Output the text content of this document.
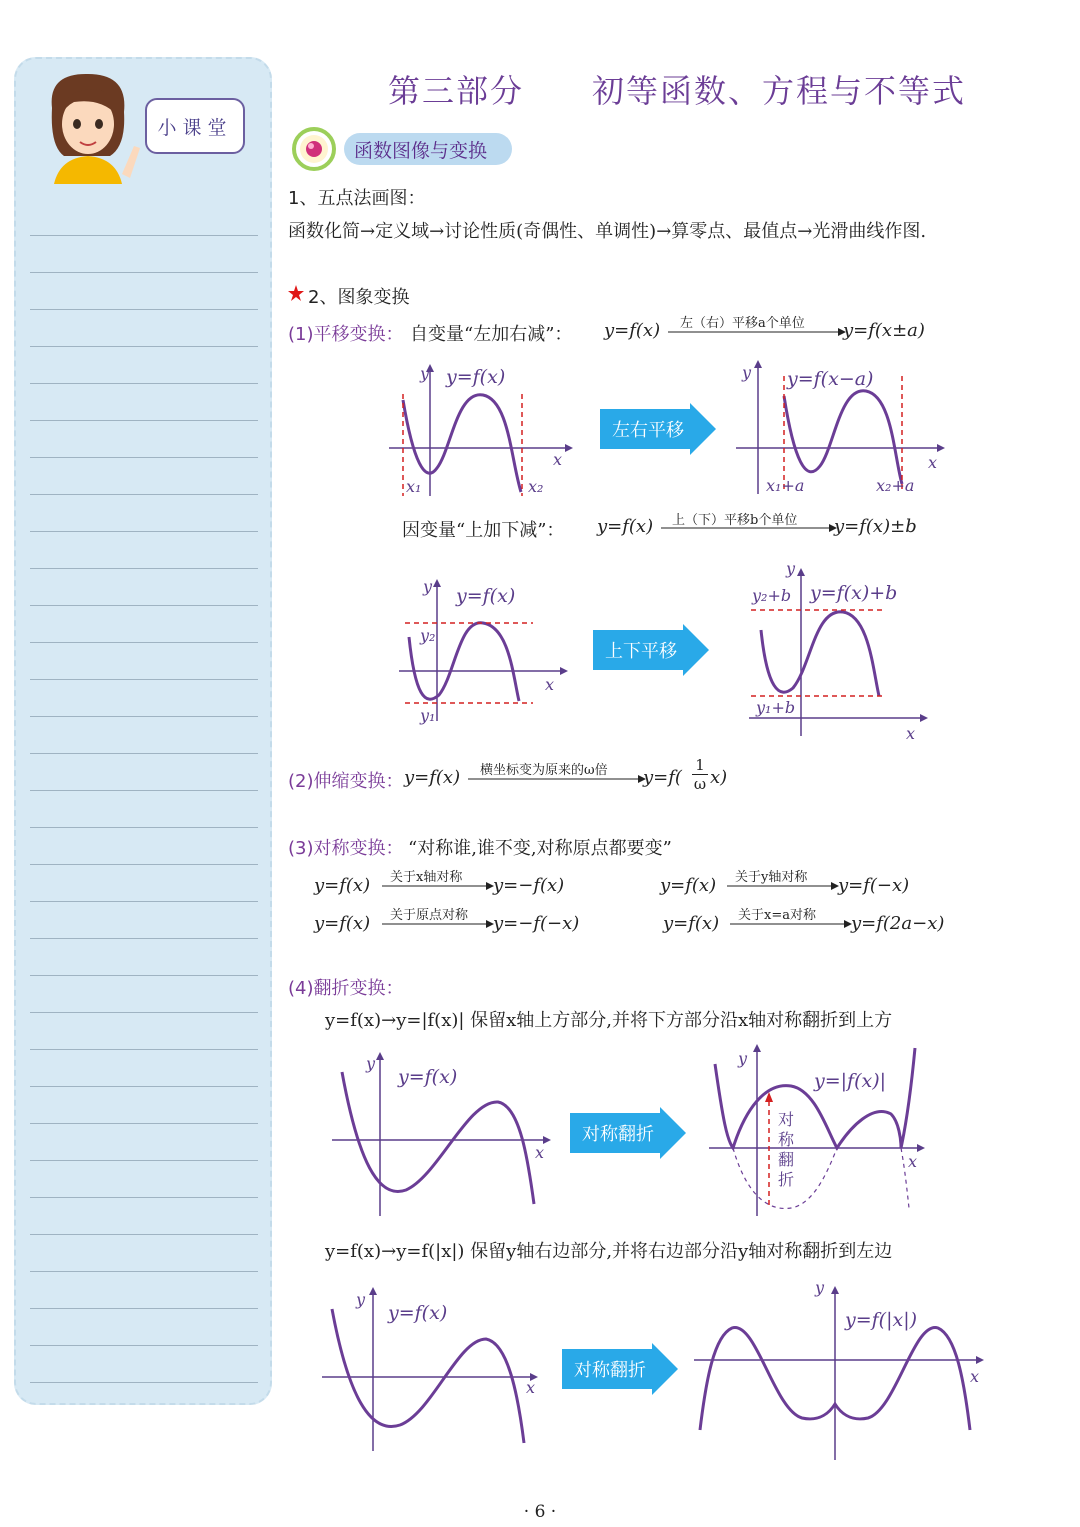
小课堂
第三部分　　初等函数、方程与不等式
函数图像与变换
1、五点法画图：
函数化简→定义域→讨论性质(奇偶性、单调性)→算零点、最值点→光滑曲线作图.
2、图象变换
(1)平移变换： 自变量“左加右减”： y=f(x) 左（右）平移a个单位 y=f(x±a)
y y=f(x)
x
x₁	x₂
左右平移
y y=f(x−a)
x
x₁+a	x₂+a
因变量“上加下减”： y=f(x) 上（下）平移b个单位 y=f(x)±b
y y=f(x)
x
y₂
y₁
上下平移
y
y=f(x)+b
y₂+b
y₁+b
x
(2)伸缩变换： y=f(x) 横坐标变为原来的ω倍 $y=f( \frac{1}{\omega} x)$
(3)对称变换： “对称谁,谁不变,对称原点都要变”
y=f(x) 关于x轴对称 y=−f(x)	y=f(x) 关于y轴对称 y=f(−x)
y=f(x) 关于原点对称 y=−f(−x)	y=f(x) 关于x=a对称 y=f(2a−x)
(4)翻折变换：
y=f(x)→y=|f(x)| 保留x轴上方部分,并将下方部分沿x轴对称翻折到上方
y
y=f(x)
x
对称翻折
y
y=|f(x)|
x
对
称
翻
折
y=f(x)→y=f(|x|) 保留y轴右边部分,并将右边部分沿y轴对称翻折到左边
y
y=f(x)
x
对称翻折
y
y=f(|x|)
x
· 6 ·
